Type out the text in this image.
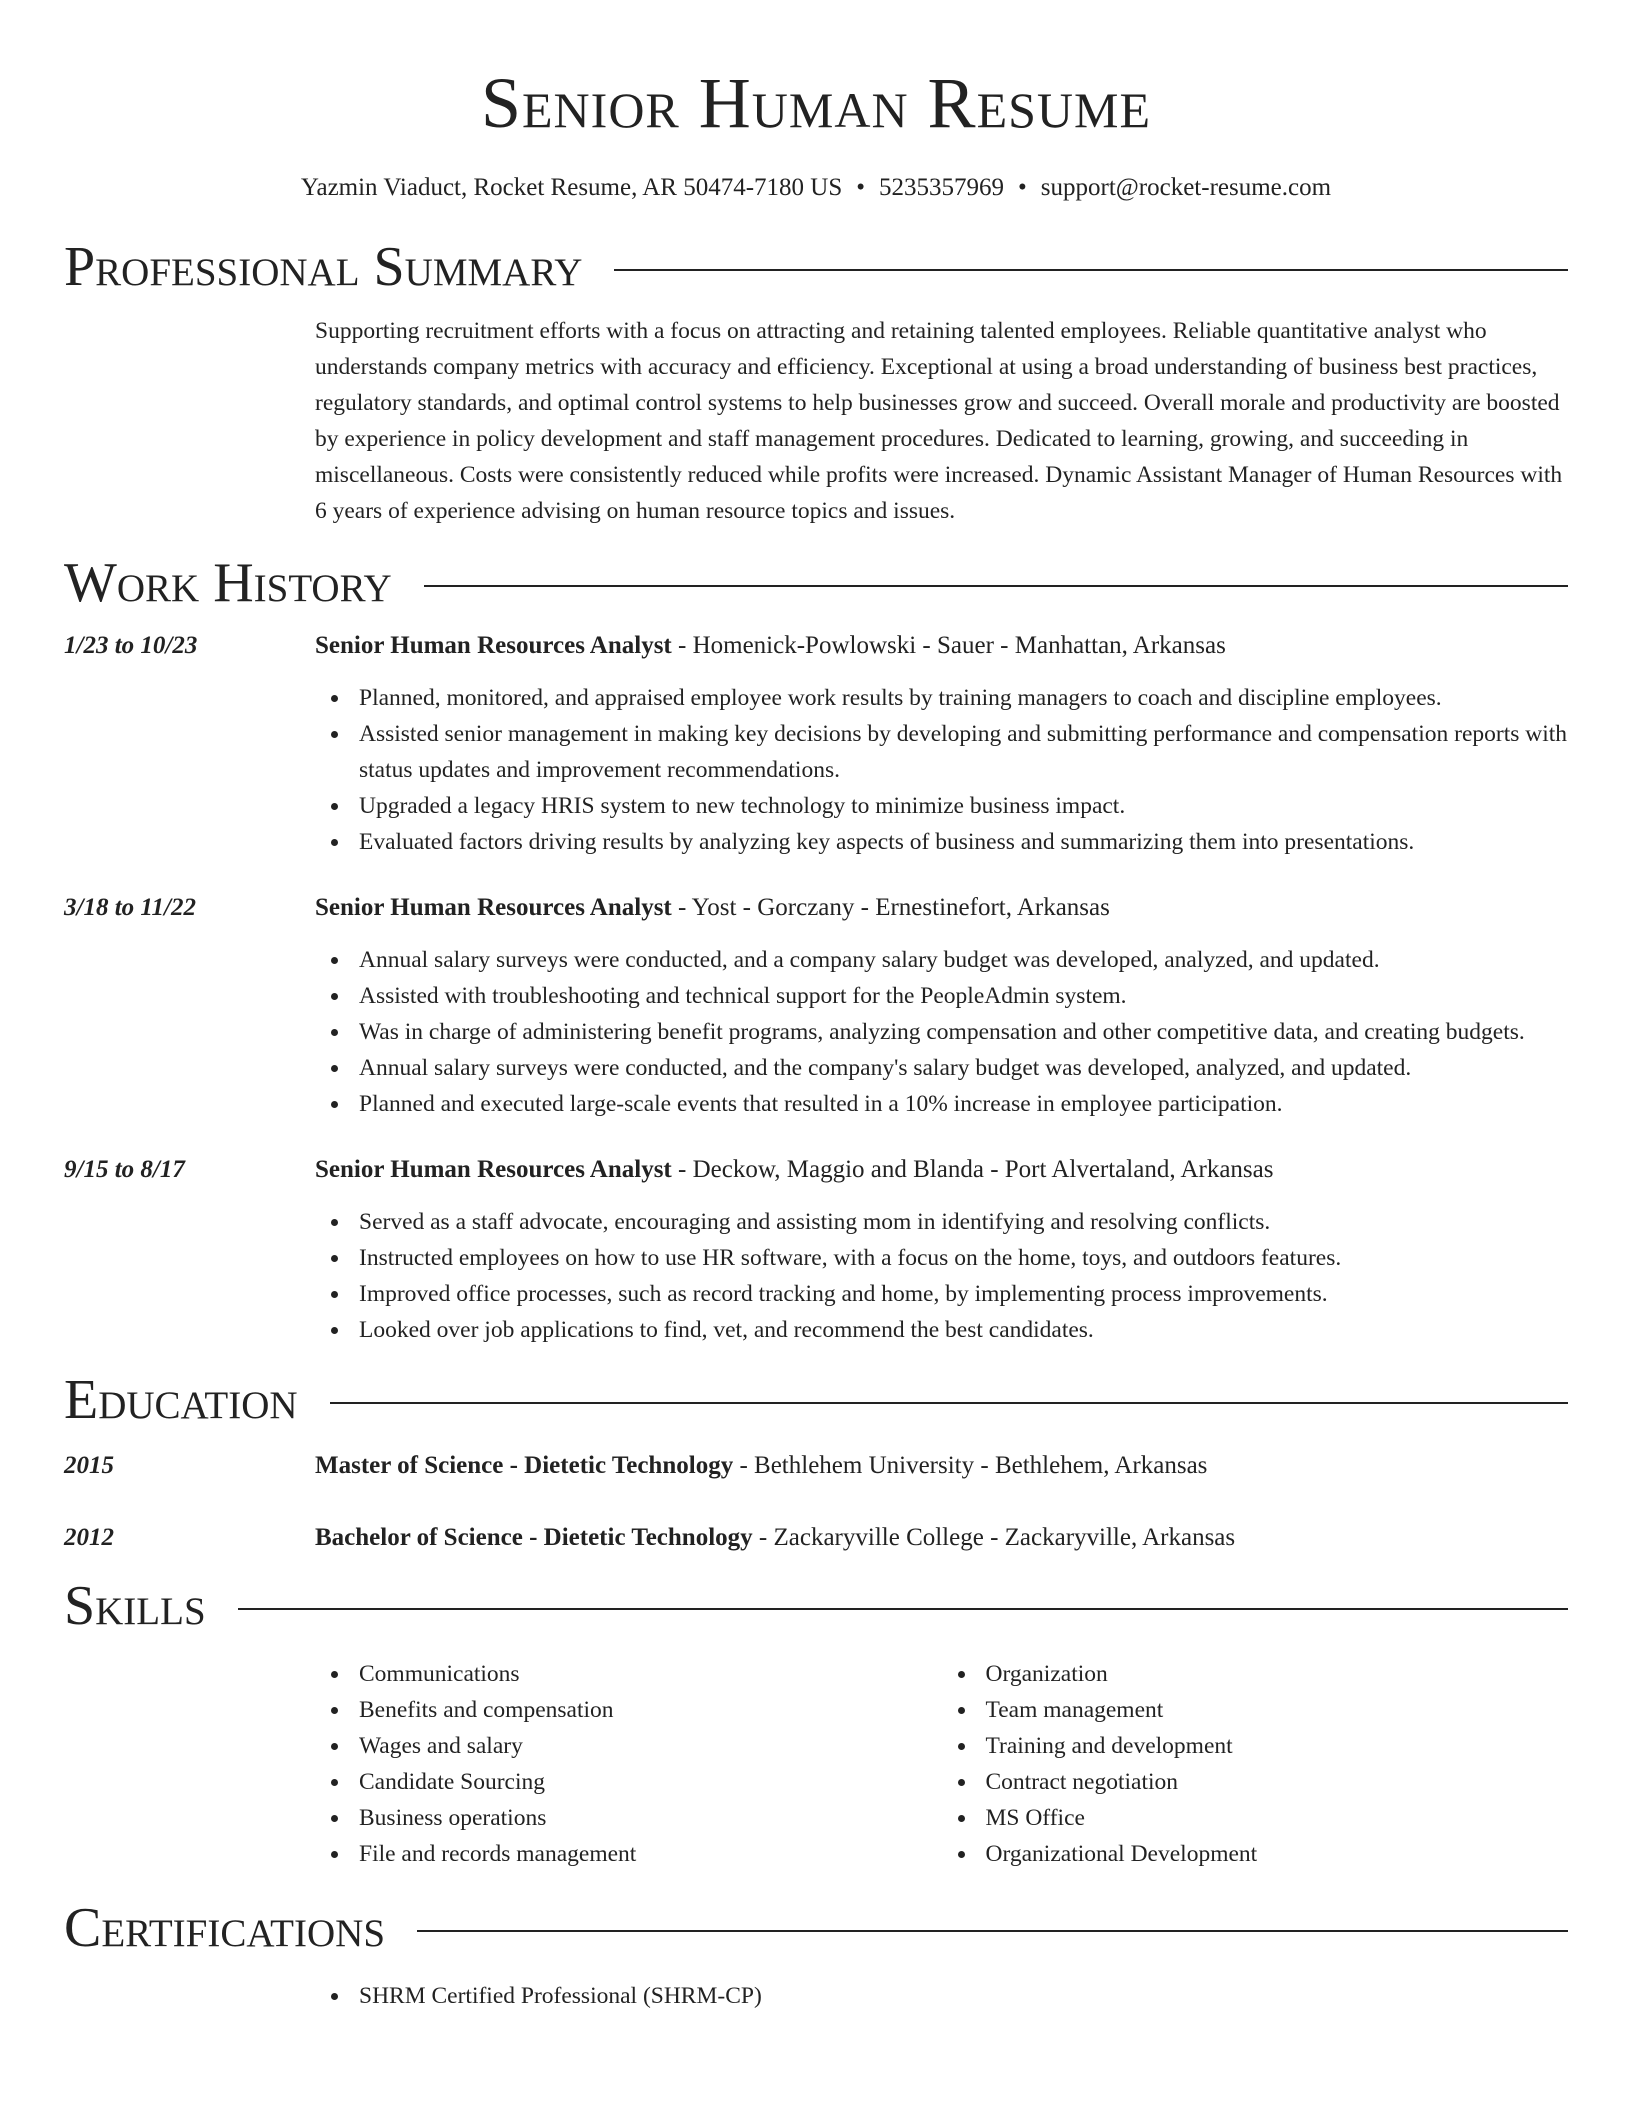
Senior Human Resume
Yazmin Viaduct, Rocket Resume, AR 50474-7180 US • 5235357969 • support@rocket-resume.com
Professional Summary
Supporting recruitment efforts with a focus on attracting and retaining talented employees. Reliable quantitative analyst who understands company metrics with accuracy and efficiency. Exceptional at using a broad understanding of business best practices, regulatory standards, and optimal control systems to help businesses grow and succeed. Overall morale and productivity are boosted by experience in policy development and staff management procedures. Dedicated to learning, growing, and succeeding in miscellaneous. Costs were consistently reduced while profits were increased. Dynamic Assistant Manager of Human Resources with 6 years of experience advising on human resource topics and issues.
Work History
1/23 to 10/23	Senior Human Resources Analyst - Homenick-Powlowski - Sauer - Manhattan, Arkansas
Planned, monitored, and appraised employee work results by training managers to coach and discipline employees.
Assisted senior management in making key decisions by developing and submitting performance and compensation reports with status updates and improvement recommendations.
Upgraded a legacy HRIS system to new technology to minimize business impact.
Evaluated factors driving results by analyzing key aspects of business and summarizing them into presentations.
3/18 to 11/22	Senior Human Resources Analyst - Yost - Gorczany - Ernestinefort, Arkansas
Annual salary surveys were conducted, and a company salary budget was developed, analyzed, and updated.
Assisted with troubleshooting and technical support for the PeopleAdmin system.
Was in charge of administering benefit programs, analyzing compensation and other competitive data, and creating budgets.
Annual salary surveys were conducted, and the company's salary budget was developed, analyzed, and updated.
Planned and executed large-scale events that resulted in a 10% increase in employee participation.
9/15 to 8/17	Senior Human Resources Analyst - Deckow, Maggio and Blanda - Port Alvertaland, Arkansas
Served as a staff advocate, encouraging and assisting mom in identifying and resolving conflicts.
Instructed employees on how to use HR software, with a focus on the home, toys, and outdoors features.
Improved office processes, such as record tracking and home, by implementing process improvements.
Looked over job applications to find, vet, and recommend the best candidates.
Education
2015	Master of Science - Dietetic Technology - Bethlehem University - Bethlehem, Arkansas
2012	Bachelor of Science - Dietetic Technology - Zackaryville College - Zackaryville, Arkansas
Skills
Communications
Benefits and compensation
Wages and salary
Candidate Sourcing
Business operations
File and records management
Organization
Team management
Training and development
Contract negotiation
MS Office
Organizational Development
Certifications
SHRM Certified Professional (SHRM-CP)
